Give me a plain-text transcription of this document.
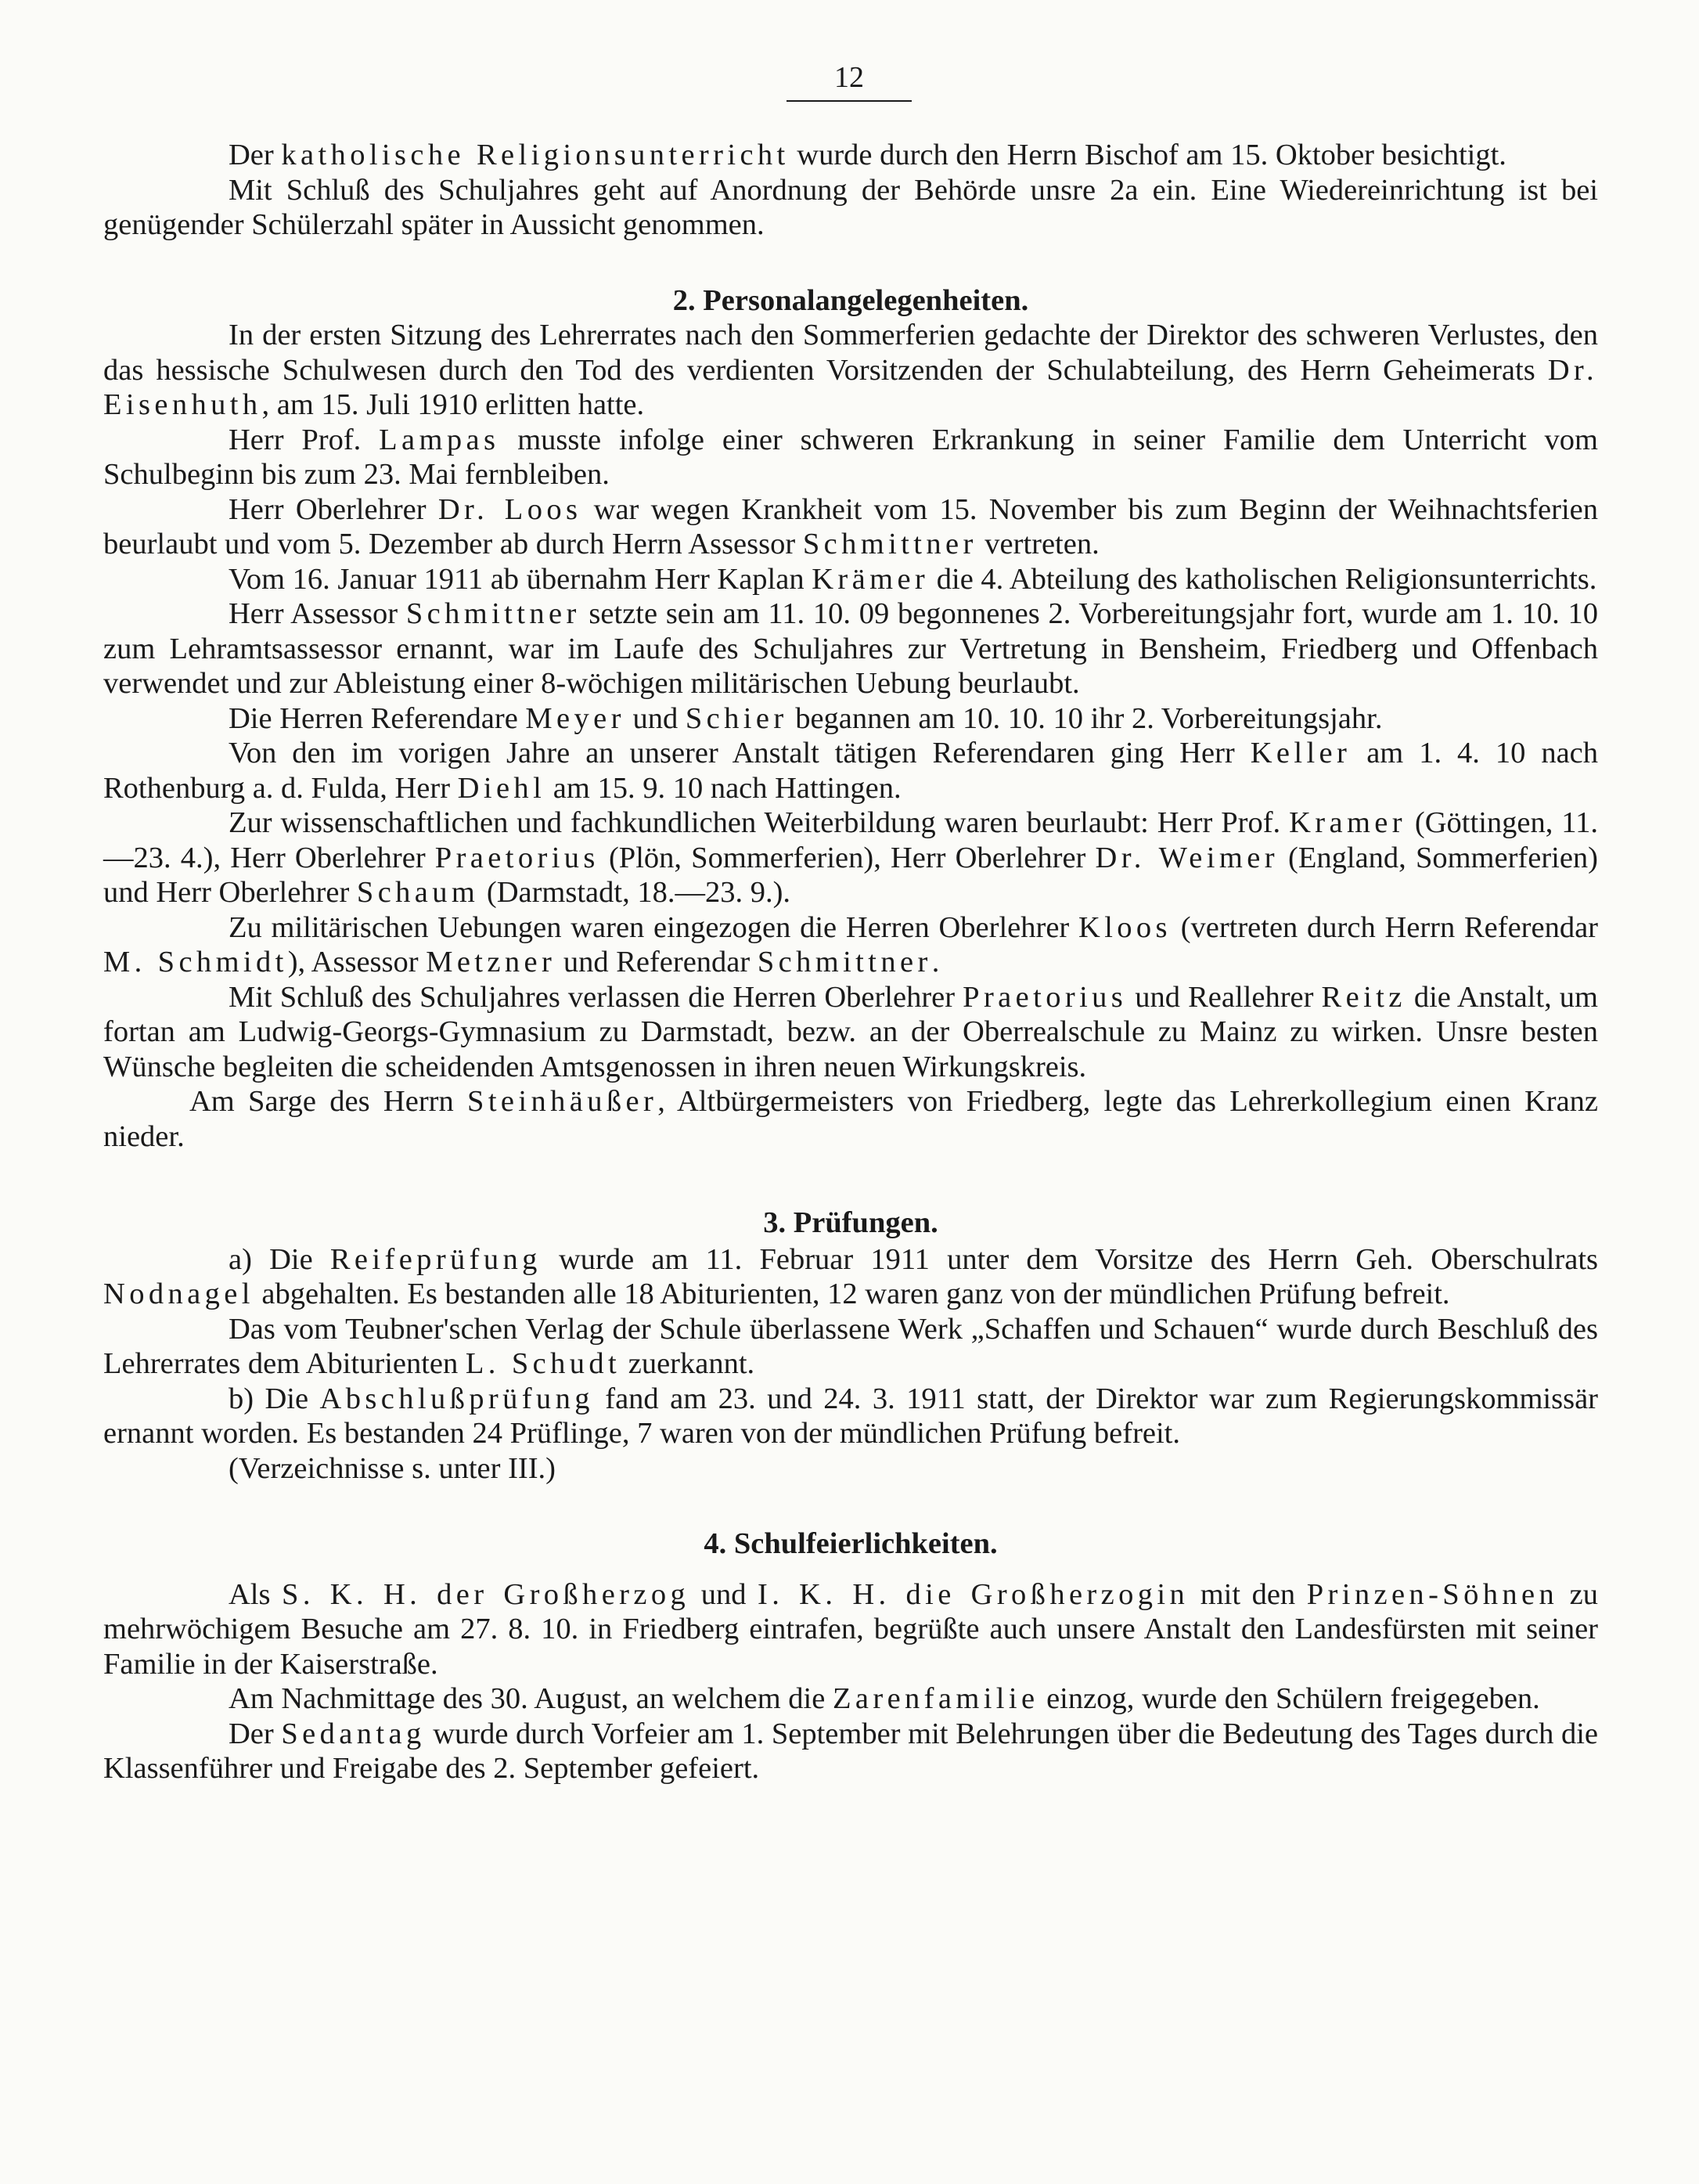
12

Der katholische Religionsunterricht wurde durch den Herrn Bischof am 15. Oktober besichtigt.

Mit Schluß des Schuljahres geht auf Anordnung der Behörde unsre 2a ein. Eine Wiedereinrichtung ist bei genügender Schülerzahl später in Aussicht genommen.

2. Personalangelegenheiten.

In der ersten Sitzung des Lehrerrates nach den Sommerferien gedachte der Direktor des schweren Verlustes, den das hessische Schulwesen durch den Tod des verdienten Vorsitzenden der Schulabteilung, des Herrn Geheimerats Dr. Eisenhuth, am 15. Juli 1910 erlitten hatte.

Herr Prof. Lampas musste infolge einer schweren Erkrankung in seiner Familie dem Unterricht vom Schulbeginn bis zum 23. Mai fernbleiben.

Herr Oberlehrer Dr. Loos war wegen Krankheit vom 15. November bis zum Beginn der Weihnachtsferien beurlaubt und vom 5. Dezember ab durch Herrn Assessor Schmittner vertreten.

Vom 16. Januar 1911 ab übernahm Herr Kaplan Krämer die 4. Abteilung des katholischen Religionsunterrichts.

Herr Assessor Schmittner setzte sein am 11. 10. 09 begonnenes 2. Vorbereitungsjahr fort, wurde am 1. 10. 10 zum Lehramtsassessor ernannt, war im Laufe des Schuljahres zur Vertretung in Bensheim, Friedberg und Offenbach verwendet und zur Ableistung einer 8-wöchigen militärischen Uebung beurlaubt.

Die Herren Referendare Meyer und Schier begannen am 10. 10. 10 ihr 2. Vorbereitungsjahr.

Von den im vorigen Jahre an unserer Anstalt tätigen Referendaren ging Herr Keller am 1. 4. 10 nach Rothenburg a. d. Fulda, Herr Diehl am 15. 9. 10 nach Hattingen.

Zur wissenschaftlichen und fachkundlichen Weiterbildung waren beurlaubt: Herr Prof. Kramer (Göttingen, 11.—23. 4.), Herr Oberlehrer Praetorius (Plön, Sommerferien), Herr Oberlehrer Dr. Weimer (England, Sommerferien) und Herr Oberlehrer Schaum (Darmstadt, 18.—23. 9.).

Zu militärischen Uebungen waren eingezogen die Herren Oberlehrer Kloos (vertreten durch Herrn Referendar M. Schmidt), Assessor Metzner und Referendar Schmittner.

Mit Schluß des Schuljahres verlassen die Herren Oberlehrer Praetorius und Reallehrer Reitz die Anstalt, um fortan am Ludwig-Georgs-Gymnasium zu Darmstadt, bezw. an der Oberrealschule zu Mainz zu wirken. Unsre besten Wünsche begleiten die scheidenden Amtsgenossen in ihren neuen Wirkungskreis.

Am Sarge des Herrn Steinhäußer, Altbürgermeisters von Friedberg, legte das Lehrerkollegium einen Kranz nieder.

3. Prüfungen.

a) Die Reifeprüfung wurde am 11. Februar 1911 unter dem Vorsitze des Herrn Geh. Oberschulrats Nodnagel abgehalten. Es bestanden alle 18 Abiturienten, 12 waren ganz von der mündlichen Prüfung befreit.

Das vom Teubner'schen Verlag der Schule überlassene Werk „Schaffen und Schauen“ wurde durch Beschluß des Lehrerrates dem Abiturienten L. Schudt zuerkannt.

b) Die Abschlußprüfung fand am 23. und 24. 3. 1911 statt, der Direktor war zum Regierungskommissär ernannt worden. Es bestanden 24 Prüflinge, 7 waren von der mündlichen Prüfung befreit.

(Verzeichnisse s. unter III.)

4. Schulfeierlichkeiten.

Als S. K. H. der Großherzog und I. K. H. die Großherzogin mit den Prinzen-Söhnen zu mehrwöchigem Besuche am 27. 8. 10. in Friedberg eintrafen, begrüßte auch unsere Anstalt den Landesfürsten mit seiner Familie in der Kaiserstraße.

Am Nachmittage des 30. August, an welchem die Zarenfamilie einzog, wurde den Schülern freigegeben.

Der Sedantag wurde durch Vorfeier am 1. September mit Belehrungen über die Bedeutung des Tages durch die Klassenführer und Freigabe des 2. September gefeiert.
